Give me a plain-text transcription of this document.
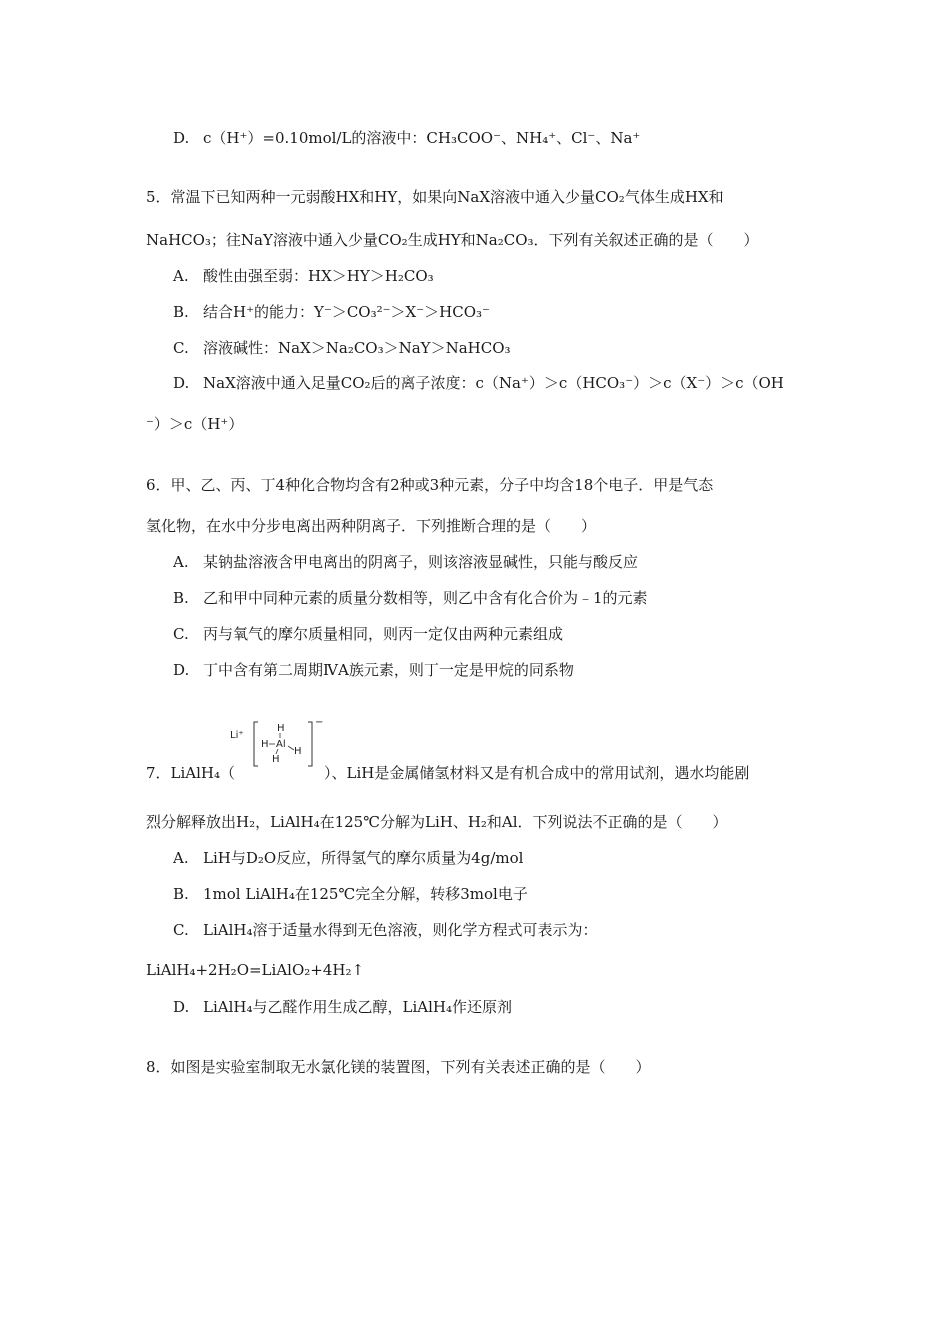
D. c（H⁺）=0.10mol/L的溶液中：CH₃COO⁻、NH₄⁺、Cl⁻、Na⁺
5．常温下已知两种一元弱酸HX和HY，如果向NaX溶液中通入少量CO₂气体生成HX和
NaHCO₃；往NaY溶液中通入少量CO₂生成HY和Na₂CO₃．下列有关叙述正确的是（　　）
A. 酸性由强至弱：HX＞HY＞H₂CO₃
B. 结合H⁺的能力：Y⁻＞CO₃²⁻＞X⁻＞HCO₃⁻
C. 溶液碱性：NaX＞Na₂CO₃＞NaY＞NaHCO₃
D. NaX溶液中通入足量CO₂后的离子浓度：c（Na⁺）＞c（HCO₃⁻）＞c（X⁻）＞c（OH
⁻）＞c（H⁺）
6．甲、乙、丙、丁4种化合物均含有2种或3种元素，分子中均含18个电子．甲是气态
氢化物，在水中分步电离出两种阴离子．下列推断合理的是（　　）
A. 某钠盐溶液含甲电离出的阴离子，则该溶液显碱性，只能与酸反应
B. 乙和甲中同种元素的质量分数相等，则乙中含有化合价为﹣1的元素
C. 丙与氧气的摩尔质量相同，则丙一定仅由两种元素组成
D. 丁中含有第二周期ⅣA族元素，则丁一定是甲烷的同系物
7．LiAlH₄（
Li⁺
−
Al
H
H
H
H
）、LiH是金属储氢材料又是有机合成中的常用试剂，遇水均能剧
烈分解释放出H₂，LiAlH₄在125℃分解为LiH、H₂和Al．下列说法不正确的是（　　）
A. LiH与D₂O反应，所得氢气的摩尔质量为4g/mol
B. 1mol LiAlH₄在125℃完全分解，转移3mol电子
C. LiAlH₄溶于适量水得到无色溶液，则化学方程式可表示为：
LiAlH₄+2H₂O=LiAlO₂+4H₂↑
D. LiAlH₄与乙醛作用生成乙醇，LiAlH₄作还原剂
8．如图是实验室制取无水氯化镁的装置图，下列有关表述正确的是（　　）
